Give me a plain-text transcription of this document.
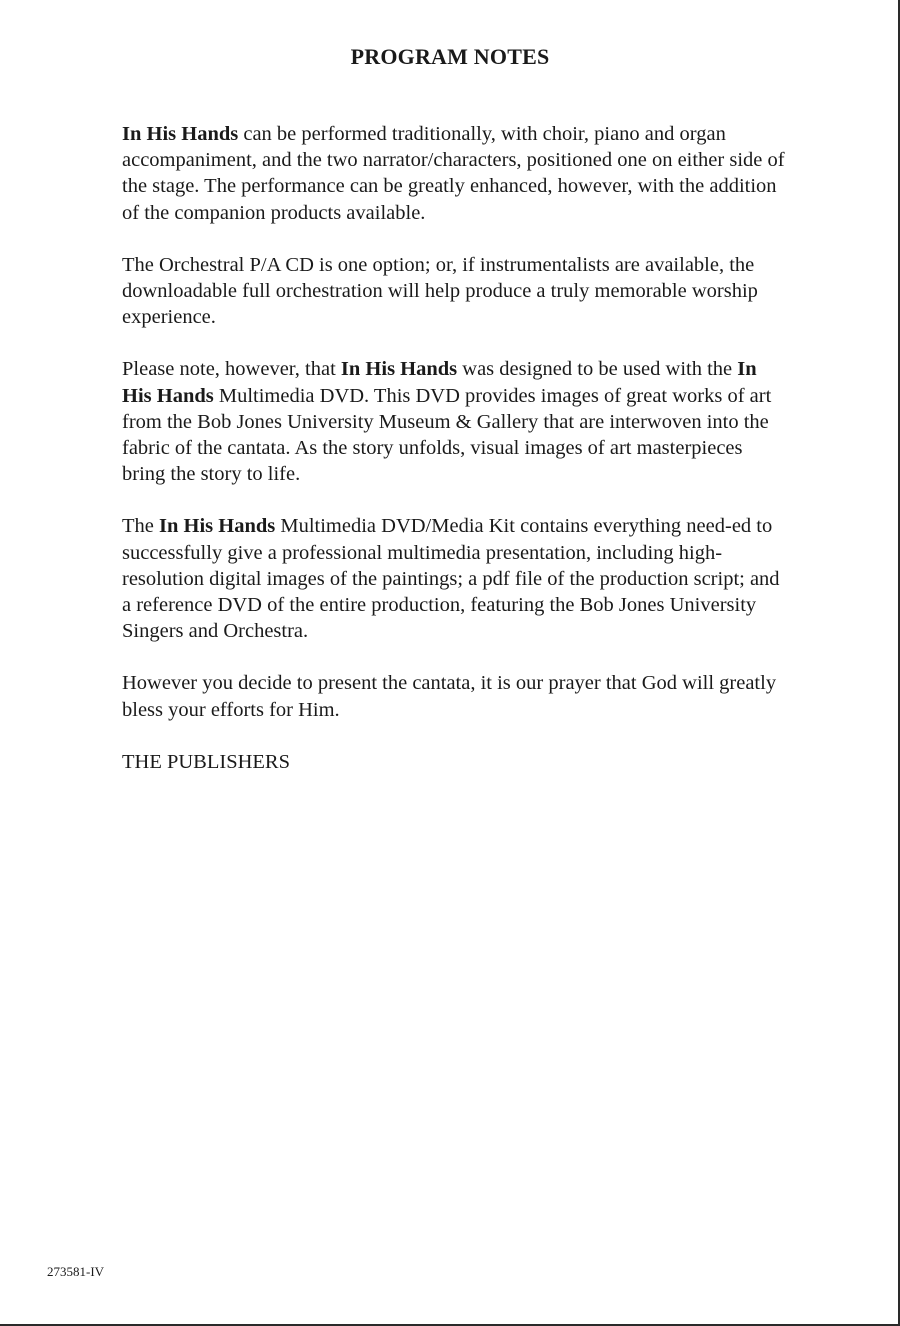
PROGRAM NOTES

In His Hands can be performed traditionally, with choir, piano and organ accompaniment, and the two narrator/characters, positioned one on either side of the stage. The performance can be greatly enhanced, however, with the addition of the companion products available.

The Orchestral P/A CD is one option; or, if instrumentalists are available, the downloadable full orchestration will help produce a truly memorable worship experience.

Please note, however, that In His Hands was designed to be used with the In His Hands Multimedia DVD. This DVD provides images of great works of art from the Bob Jones University Museum & Gallery that are interwoven into the fabric of the cantata. As the story unfolds, visual images of art masterpieces bring the story to life.

The In His Hands Multimedia DVD/Media Kit contains everything need-ed to successfully give a professional multimedia presentation, including high-resolution digital images of the paintings; a pdf file of the production script; and a reference DVD of the entire production, featuring the Bob Jones University Singers and Orchestra.

However you decide to present the cantata, it is our prayer that God will greatly bless your efforts for Him.

THE PUBLISHERS

273581-IV
